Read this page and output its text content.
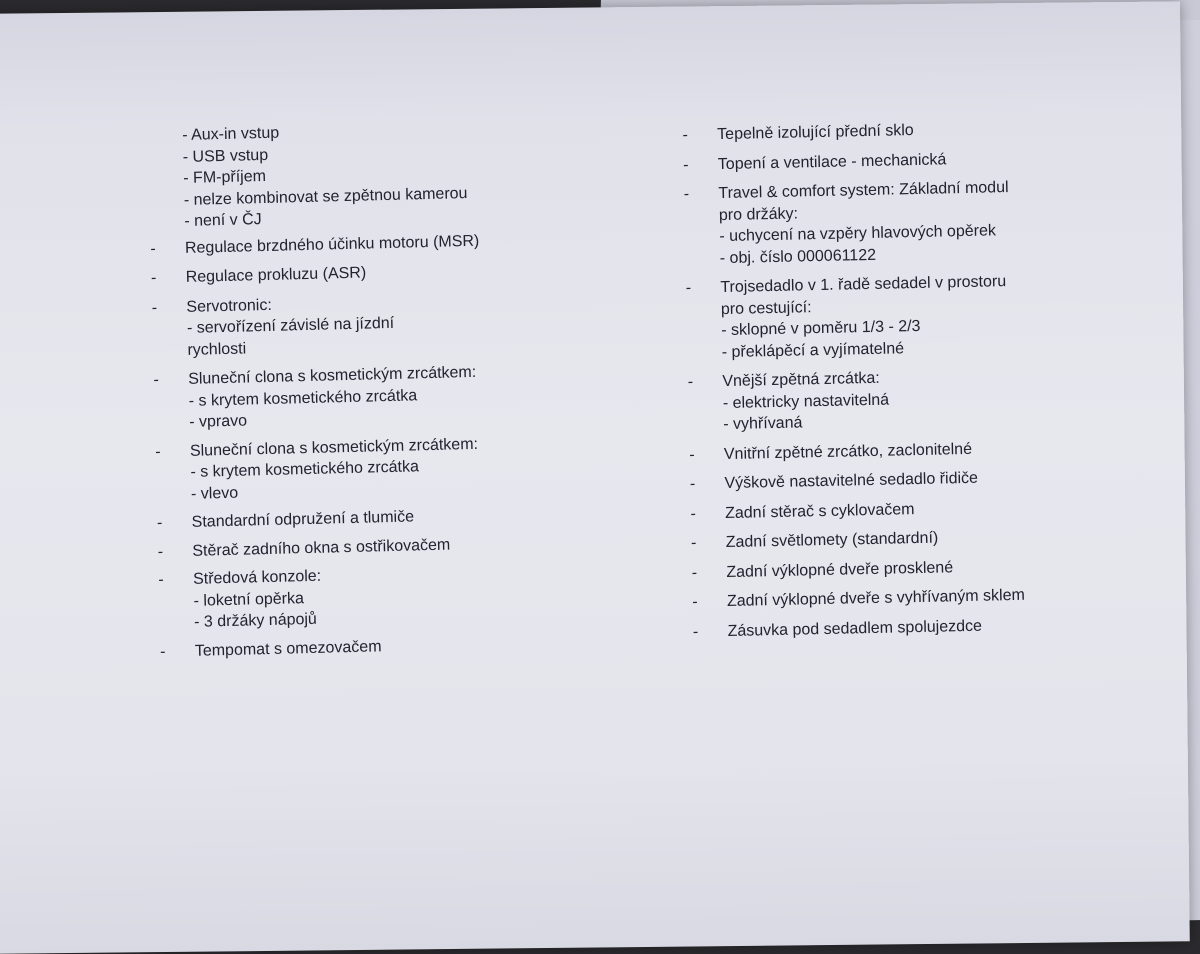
- Aux-in vstup
- USB vstup
- FM-příjem
- nelze kombinovat se zpětnou kamerou
- není v ČJ
-	Regulace brzdného účinku motoru (MSR)
-	Regulace prokluzu (ASR)
-	Servotronic:
- servořízení závislé na jízdní
rychlosti
-	Sluneční clona s kosmetickým zrcátkem:
- s krytem kosmetického zrcátka
- vpravo
-	Sluneční clona s kosmetickým zrcátkem:
- s krytem kosmetického zrcátka
- vlevo
-	Standardní odpružení a tlumiče
-	Stěrač zadního okna s ostřikovačem
-	Středová konzole:
- loketní opěrka
- 3 držáky nápojů
-	Tempomat s omezovačem
-	Tepelně izolující přední sklo
-	Topení a ventilace - mechanická
-	Travel & comfort system: Základní modul
pro držáky:
- uchycení na vzpěry hlavových opěrek
- obj. číslo 000061122
-	Trojsedadlo v 1. řadě sedadel v prostoru
pro cestující:
- sklopné v poměru 1/3 - 2/3
- překlápěcí a vyjímatelné
-	Vnější zpětná zrcátka:
- elektricky nastavitelná
- vyhřívaná
-	Vnitřní zpětné zrcátko, zaclonitelné
-	Výškově nastavitelné sedadlo řidiče
-	Zadní stěrač s cyklovačem
-	Zadní světlomety (standardní)
-	Zadní výklopné dveře prosklené
-	Zadní výklopné dveře s vyhřívaným sklem
-	Zásuvka pod sedadlem spolujezdce
